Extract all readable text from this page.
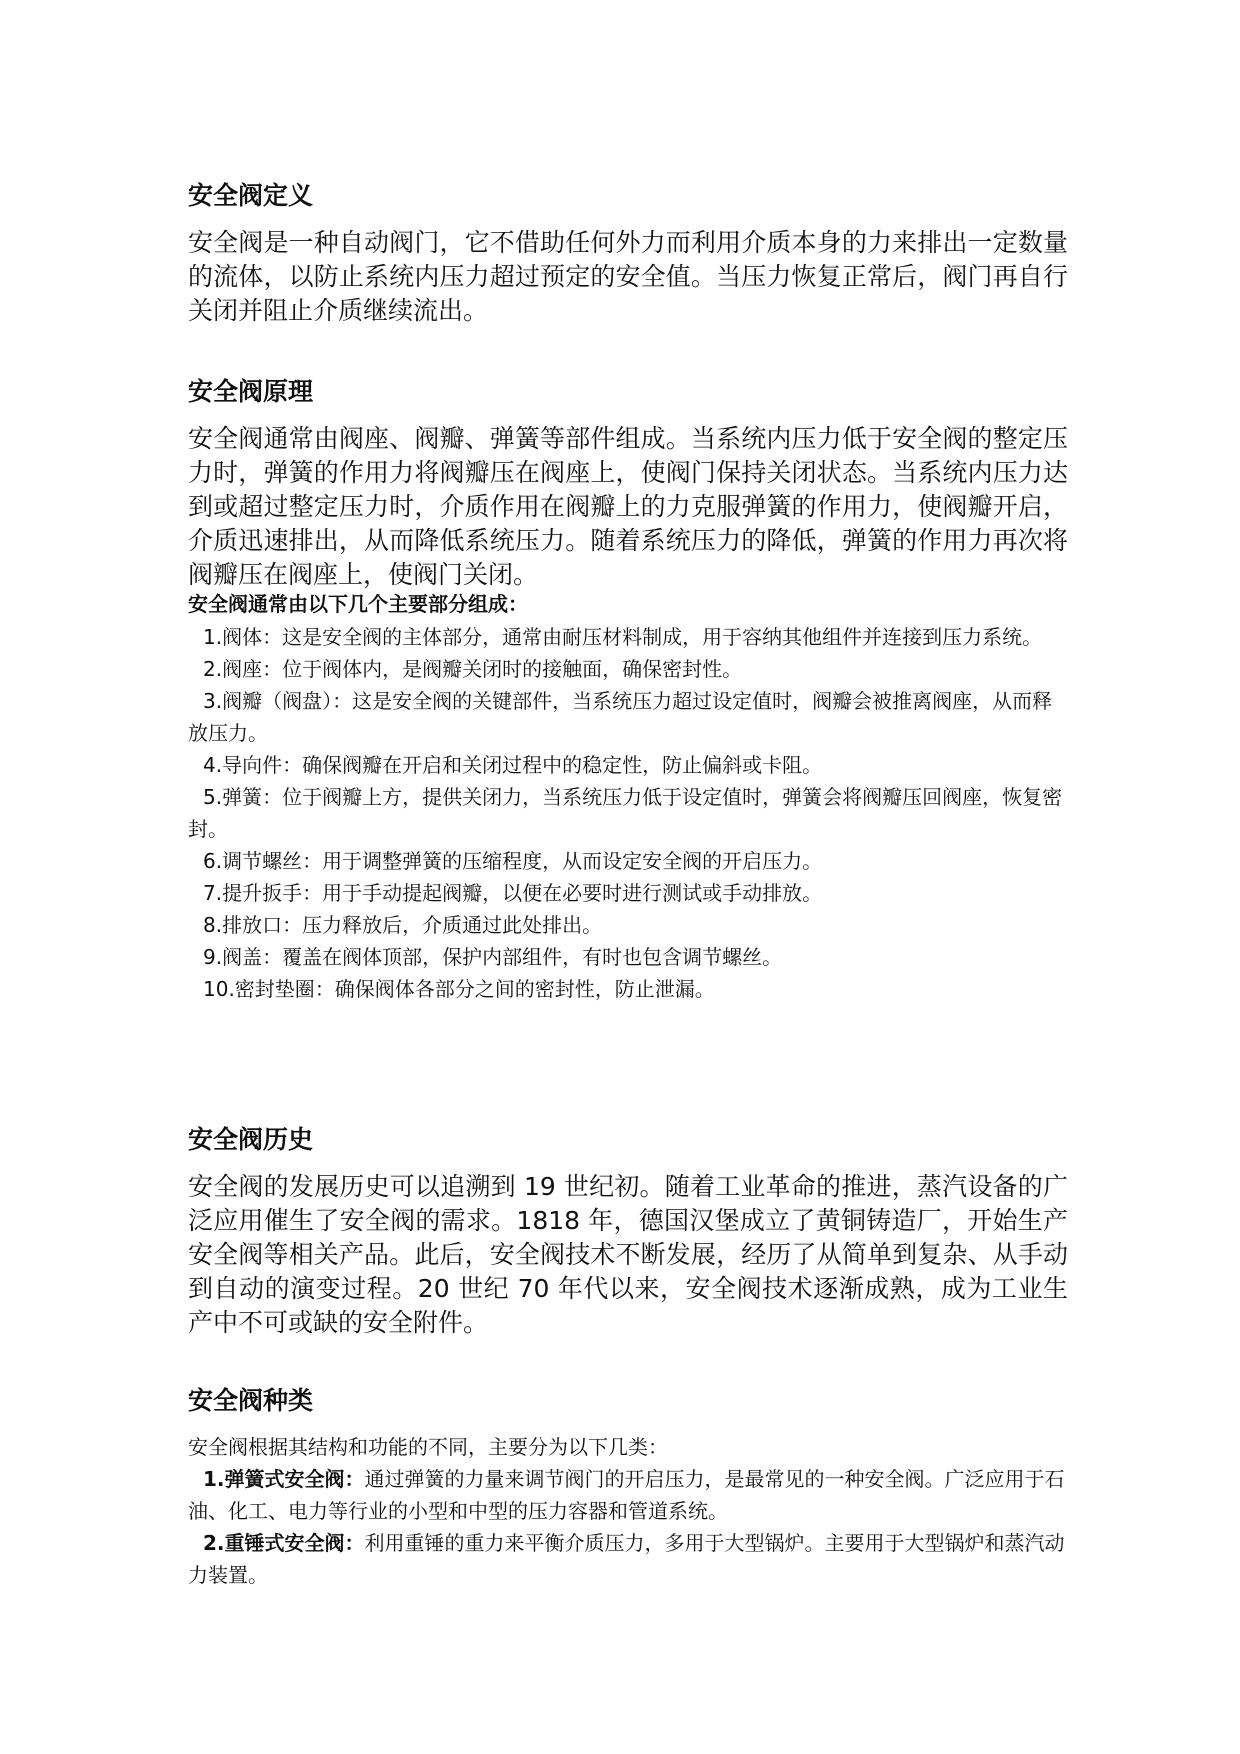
安全阀定义

安全阀是一种自动阀门，它不借助任何外力而利用介质本身的力来排出一定数量的流体，以防止系统内压力超过预定的安全值。当压力恢复正常后，阀门再自行关闭并阻止介质继续流出。

安全阀原理

安全阀通常由阀座、阀瓣、弹簧等部件组成。当系统内压力低于安全阀的整定压力时，弹簧的作用力将阀瓣压在阀座上，使阀门保持关闭状态。当系统内压力达到或超过整定压力时，介质作用在阀瓣上的力克服弹簧的作用力，使阀瓣开启，介质迅速排出，从而降低系统压力。随着系统压力的降低，弹簧的作用力再次将阀瓣压在阀座上，使阀门关闭。

安全阀通常由以下几个主要部分组成：

1.阀体：这是安全阀的主体部分，通常由耐压材料制成，用于容纳其他组件并连接到压力系统。
2.阀座：位于阀体内，是阀瓣关闭时的接触面，确保密封性。
3.阀瓣（阀盘）：这是安全阀的关键部件，当系统压力超过设定值时，阀瓣会被推离阀座，从而释放压力。
4.导向件：确保阀瓣在开启和关闭过程中的稳定性，防止偏斜或卡阻。
5.弹簧：位于阀瓣上方，提供关闭力，当系统压力低于设定值时，弹簧会将阀瓣压回阀座，恢复密封。
6.调节螺丝：用于调整弹簧的压缩程度，从而设定安全阀的开启压力。
7.提升扳手：用于手动提起阀瓣，以便在必要时进行测试或手动排放。
8.排放口：压力释放后，介质通过此处排出。
9.阀盖：覆盖在阀体顶部，保护内部组件，有时也包含调节螺丝。
10.密封垫圈：确保阀体各部分之间的密封性，防止泄漏。
安全阀历史

安全阀的发展历史可以追溯到 19 世纪初。随着工业革命的推进，蒸汽设备的广泛应用催生了安全阀的需求。1818 年，德国汉堡成立了黄铜铸造厂，开始生产安全阀等相关产品。此后，安全阀技术不断发展，经历了从简单到复杂、从手动到自动的演变过程。20 世纪 70 年代以来，安全阀技术逐渐成熟，成为工业生产中不可或缺的安全附件。

安全阀种类

安全阀根据其结构和功能的不同，主要分为以下几类：

1.弹簧式安全阀：通过弹簧的力量来调节阀门的开启压力，是最常见的一种安全阀。广泛应用于石油、化工、电力等行业的小型和中型的压力容器和管道系统。
2.重锤式安全阀：利用重锤的重力来平衡介质压力，多用于大型锅炉。主要用于大型锅炉和蒸汽动力装置。
